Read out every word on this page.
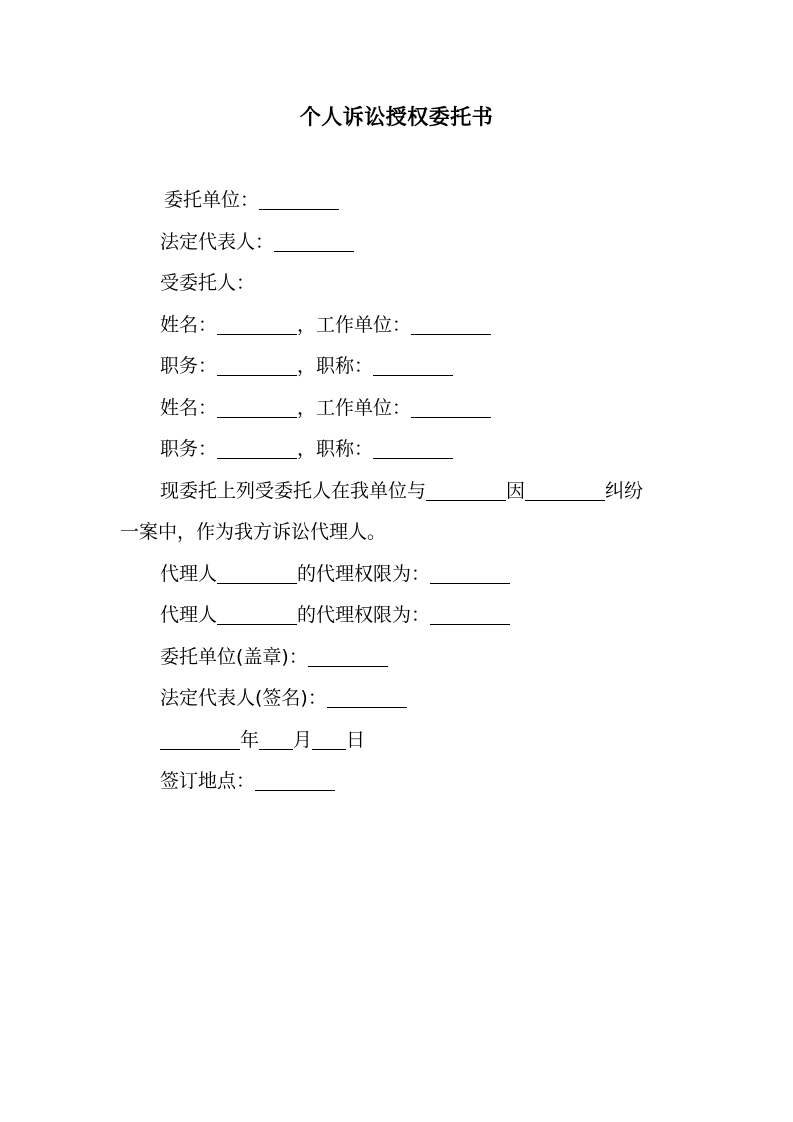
个人诉讼授权委托书
委托单位：
法定代表人：
受委托人：
姓名：	，工作单位：
职务：	，职称：
姓名：	，工作单位：
职务：	，职称：
现委托上列受委托人在我单位与	因	纠纷
一案中，作为我方诉讼代理人。
代理人	的代理权限为：
代理人	的代理权限为：
委托单位(盖章)：
法定代表人(签名)：
年 月 日
签订地点：
